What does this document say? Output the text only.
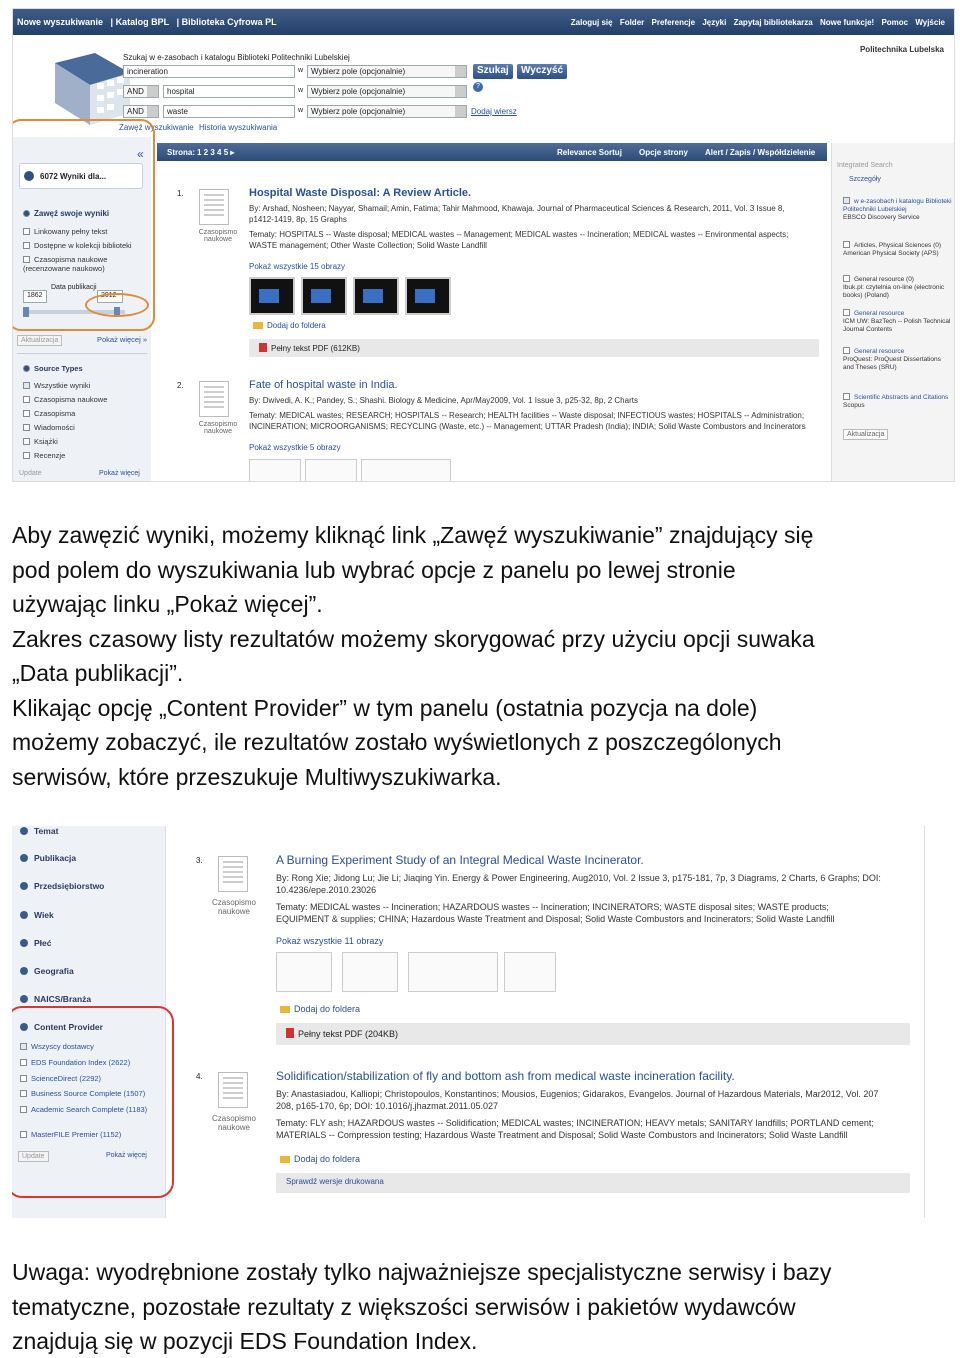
Nowe wyszukiwanie | Katalog BPL | Biblioteka Cyfrowa PL	Zaloguj się Folder Preferencje Języki Zapytaj bibliotekarza Nowe funkcje! Pomoc Wyjście
Politechnika Lubelska
Szukaj w e-zasobach i katalogu Biblioteki Politechniki Lubelskiej
incineration	w Wybierz pole (opcjonalnie)
AND	hospital	w Wybierz pole (opcjonalnie)
AND	waste	w Wybierz pole (opcjonalnie)
Szukaj	Wyczyść
?
Dodaj wiersz
Zawęź wyszukiwanie Historia wyszukiwania
«
6072 Wyniki dla...
Zawęź swoje wyniki
Linkowany pełny tekst
Dostępne w kolekcji biblioteki
Czasopisma naukowe (recenzowane naukowo)
1862
Data publikacji
2012
Aktualizacja	Pokaż więcej »
Source Types
Wszystkie wyniki
Czasopisma naukowe
Czasopisma
Wiadomości
Książki
Recenzje
Update	Pokaż więcej
Strona: 1 2 3 4 5 ▸	Relevance Sortuj Opcje strony Alert / Zapis / Współdzielenie
1.
Czasopismo naukowe
Hospital Waste Disposal: A Review Article.
By: Arshad, Nosheen; Nayyar, Shamail; Amin, Fatima; Tahir Mahmood, Khawaja. Journal of Pharmaceutical Sciences & Research, 2011, Vol. 3 Issue 8,
p1412-1419, 8p, 15 Graphs
Tematy: HOSPITALS -- Waste disposal; MEDICAL wastes -- Management; MEDICAL wastes -- Incineration; MEDICAL wastes -- Environmental aspects;
WASTE management; Other Waste Collection; Solid Waste Landfill
Pokaż wszystkie 15 obrazy
Dodaj do foldera
Pełny tekst PDF (612KB)
2.
Czasopismo naukowe
Fate of hospital waste in India.
By: Dwivedi, A. K.; Pandey, S.; Shashi. Biology & Medicine, Apr/May2009, Vol. 1 Issue 3, p25-32, 8p, 2 Charts
Tematy: MEDICAL wastes; RESEARCH; HOSPITALS -- Research; HEALTH facilities -- Waste disposal; INFECTIOUS wastes; HOSPITALS -- Administration;
INCINERATION; MICROORGANISMS; RECYCLING (Waste, etc.) -- Management; UTTAR Pradesh (India); INDIA; Solid Waste Combustors and Incinerators
Pokaż wszystkie 5 obrazy
Integrated Search
Szczegóły
w e-zasobach i katalogu Biblioteki Politechniki Lubelskiej
EBSCO Discovery Service
Articles, Physical Sciences (0)
American Physical Society (APS)
General resource (0)
Ibuk.pl: czytelnia on-line (electronic books) (Poland)
General resource
ICM UW: BazTech -- Polish Technical Journal Contents
General resource
ProQuest: ProQuest Dissertations and Theses (SRU)
Scientific Abstracts and Citations
Scopus
Aktualizacja
Aby zawęzić wyniki, możemy kliknąć link „Zawęź wyszukiwanie” znajdujący się
pod polem do wyszukiwania lub wybrać opcje z panelu po lewej stronie
używając linku „Pokaż więcej”.
Zakres czasowy listy rezultatów możemy skorygować przy użyciu opcji suwaka
„Data publikacji”.
Klikając opcję „Content Provider” w tym panelu (ostatnia pozycja na dole)
możemy zobaczyć, ile rezultatów zostało wyświetlonych z poszczególonych
serwisów, które przeszukuje Multiwyszukiwarka.
Temat
Publikacja
Przedsiębiorstwo
Wiek
Płeć
Geografia
NAICS/Branża
Content Provider
Wszyscy dostawcy
EDS Foundation Index (2622)
ScienceDirect (2292)
Business Source Complete (1507)
Academic Search Complete (1183)
MasterFILE Premier (1152)
Update	Pokaż więcej
3.
Czasopismo naukowe
A Burning Experiment Study of an Integral Medical Waste Incinerator.
By: Rong Xie; Jidong Lu; Jie Li; Jiaqing Yin. Energy & Power Engineering, Aug2010, Vol. 2 Issue 3, p175-181, 7p, 3 Diagrams, 2 Charts, 6 Graphs; DOI:
10.4236/epe.2010.23026
Tematy: MEDICAL wastes -- Incineration; HAZARDOUS wastes -- Incineration; INCINERATORS; WASTE disposal sites; WASTE products;
EQUIPMENT & supplies; CHINA; Hazardous Waste Treatment and Disposal; Solid Waste Combustors and Incinerators; Solid Waste Landfill
Pokaż wszystkie 11 obrazy
Dodaj do foldera
Pełny tekst PDF (204KB)
4.
Czasopismo naukowe
Solidification/stabilization of fly and bottom ash from medical waste incineration facility.
By: Anastasiadou, Kalliopi; Christopoulos, Konstantinos; Mousios, Eugenios; Gidarakos, Evangelos. Journal of Hazardous Materials, Mar2012, Vol. 207
208, p165-170, 6p; DOI: 10.1016/j.jhazmat.2011.05.027
Tematy: FLY ash; HAZARDOUS wastes -- Solidification; MEDICAL wastes; INCINERATION; HEAVY metals; SANITARY landfills; PORTLAND cement;
MATERIALS -- Compression testing; Hazardous Waste Treatment and Disposal; Solid Waste Combustors and Incinerators; Solid Waste Landfill
Dodaj do foldera
Sprawdź wersje drukowana
Uwaga: wyodrębnione zostały tylko najważniejsze specjalistyczne serwisy i bazy
tematyczne, pozostałe rezultaty z większości serwisów i pakietów wydawców
znajdują się w pozycji EDS Foundation Index.
